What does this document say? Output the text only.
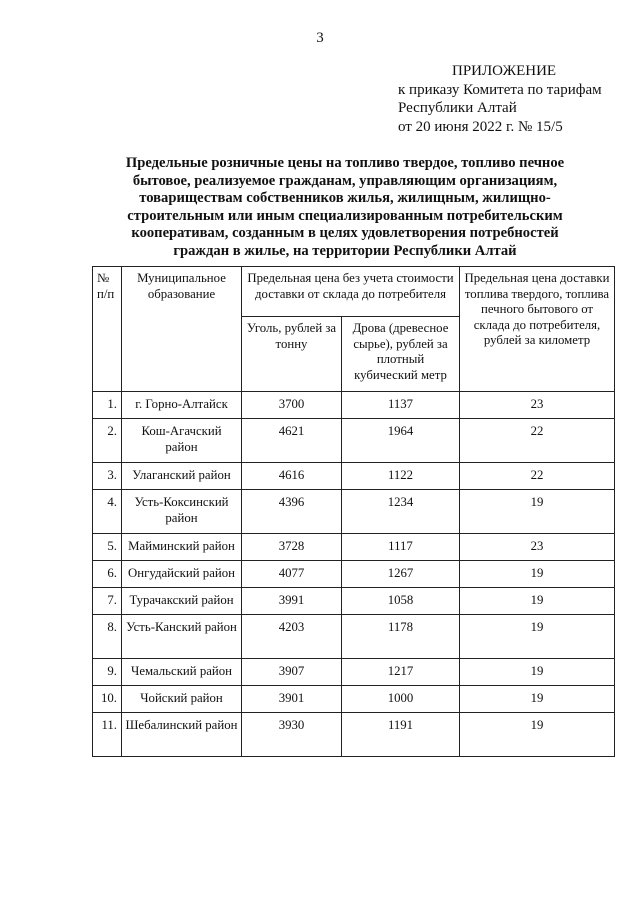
3
ПРИЛОЖЕНИЕ
к приказу Комитета по тарифам
Республики Алтай
от 20 июня 2022 г. № 15/5
Предельные розничные цены на топливо твердое, топливо печное
бытовое, реализуемое гражданам, управляющим организациям,
товариществам собственников жилья, жилищным, жилищно-
строительным или иным специализированным потребительским
кооперативам, созданным в целях удовлетворения потребностей
граждан в жилье, на территории Республики Алтай
№ п/п	Муниципальное образование	Предельная цена без учета стоимости доставки от склада до потребителя		Предельная цена доставки топлива твердого, топлива печного бытового от склада до потребителя, рублей за километр
		Уголь, рублей за тонну	Дрова (древесное сырье), рублей за плотный кубический метр	
1.	г. Горно-Алтайск	3700	1137	23
2.	Кош-Агачский район	4621	1964	22
3.	Улаганский район	4616	1122	22
4.	Усть-Коксинский район	4396	1234	19
5.	Майминский район	3728	1117	23
6.	Онгудайский район	4077	1267	19
7.	Турачакский район	3991	1058	19
8.	Усть-Канский район	4203	1178	19
9.	Чемальский район	3907	1217	19
10.	Чойский район	3901	1000	19
11.	Шебалинский район	3930	1191	19
